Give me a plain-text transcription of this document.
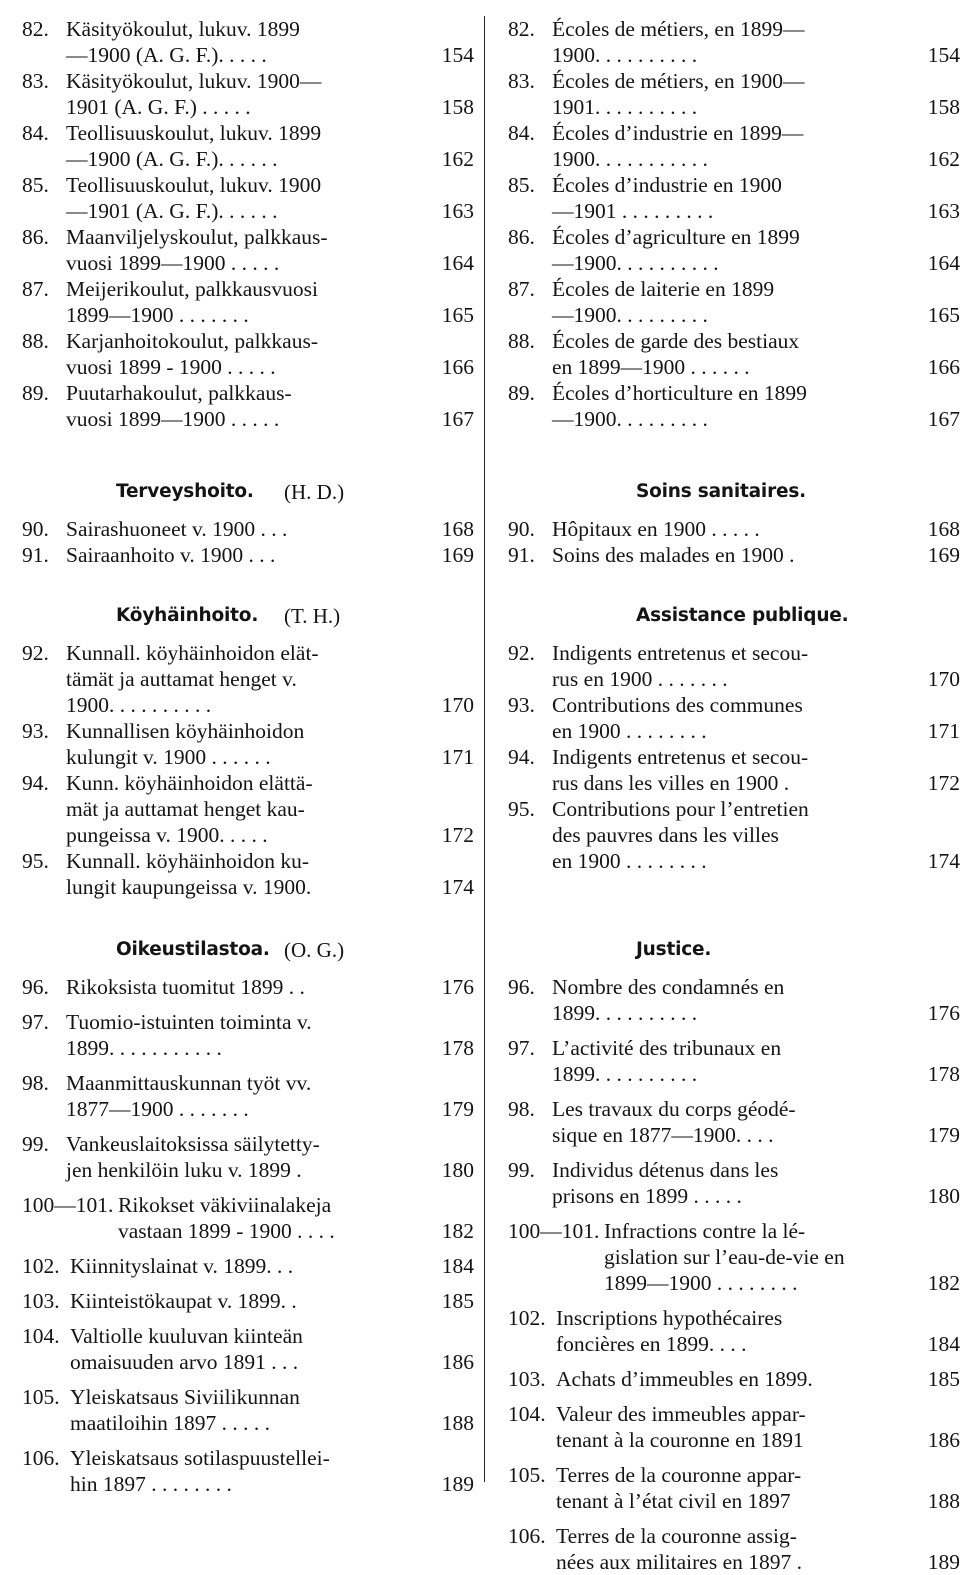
82. Käsityökoulut, lukuv. 1899
—1900 (A. G. F.). . . . .	154
83. Käsityökoulut, lukuv. 1900—
1901 (A. G. F.) . . . . .	158
84. Teollisuuskoulut, lukuv. 1899
—1900 (A. G. F.). . . . . .	162
85. Teollisuuskoulut, lukuv. 1900
—1901 (A. G. F.). . . . . .	163
86. Maanviljelyskoulut, palkkaus-
vuosi 1899—1900 . . . . .	164
87. Meijerikoulut, palkkausvuosi
1899—1900 . . . . . . .	165
88. Karjanhoitokoulut, palkkaus-
vuosi 1899 - 1900 . . . . .	166
89. Puutarhakoulut, palkkaus-
vuosi 1899—1900 . . . . .	167
Terveyshoito. (H. D.)
90. Sairashuoneet v. 1900 . . .	168
91. Sairaanhoito v. 1900 . . .	169
Köyhäinhoito. (T. H.)
92. Kunnall. köyhäinhoidon elät-
tämät ja auttamat henget v.
1900. . . . . . . . . .	170
93. Kunnallisen köyhäinhoidon
kulungit v. 1900 . . . . . .	171
94. Kunn. köyhäinhoidon elättä-
mät ja auttamat henget kau-
pungeissa v. 1900. . . . .	172
95. Kunnall. köyhäinhoidon ku-
lungit kaupungeissa v. 1900.	174
Oikeustilastoa. (O. G.)
96. Rikoksista tuomitut 1899 . .	176
97. Tuomio-istuinten toiminta v.
1899. . . . . . . . . . .	178
98. Maanmittauskunnan työt vv.
1877—1900 . . . . . . .	179
99. Vankeuslaitoksissa säilytetty-
jen henkilöin luku v. 1899 .	180
100—101. Rikokset väkiviinalakeja
vastaan 1899 - 1900 . . . .	182
102. Kiinnityslainat v. 1899. . .	184
103. Kiinteistökaupat v. 1899. .	185
104. Valtiolle kuuluvan kiinteän
omaisuuden arvo 1891 . . .	186
105. Yleiskatsaus Siviilikunnan
maatiloihin 1897 . . . . .	188
106. Yleiskatsaus sotilaspuustellei-
hin 1897 . . . . . . . .	189
82. Écoles de métiers, en 1899—
1900. . . . . . . . . .	154
83. Écoles de métiers, en 1900—
1901. . . . . . . . . .	158
84. Écoles d’industrie en 1899—
1900. . . . . . . . . . .	162
85. Écoles d’industrie en 1900
—1901 . . . . . . . . .	163
86. Écoles d’agriculture en 1899
—1900. . . . . . . . . .	164
87. Écoles de laiterie en 1899
—1900. . . . . . . . .	165
88. Écoles de garde des bestiaux
en 1899—1900 . . . . . .	166
89. Écoles d’horticulture en 1899
—1900. . . . . . . . .	167
Soins sanitaires.
90. Hôpitaux en 1900 . . . . .	168
91. Soins des malades en 1900 .	169
Assistance publique.
92. Indigents entretenus et secou-
rus en 1900 . . . . . . .	170
93. Contributions des communes
en 1900 . . . . . . . .	171
94. Indigents entretenus et secou-
rus dans les villes en 1900 .	172
95. Contributions pour l’entretien
des pauvres dans les villes
en 1900 . . . . . . . .	174
Justice.
96. Nombre des condamnés en
1899. . . . . . . . . .	176
97. L’activité des tribunaux en
1899. . . . . . . . . .	178
98. Les travaux du corps géodé-
sique en 1877—1900. . . .	179
99. Individus détenus dans les
prisons en 1899 . . . . .	180
100—101. Infractions contre la lé-
gislation sur l’eau-de-vie en
1899—1900 . . . . . . . .	182
102. Inscriptions hypothécaires
foncières en 1899. . . .	184
103. Achats d’immeubles en 1899.	185
104. Valeur des immeubles appar-
tenant à la couronne en 1891	186
105. Terres de la couronne appar-
tenant à l’état civil en 1897	188
106. Terres de la couronne assig-
nées aux militaires en 1897 .	189
